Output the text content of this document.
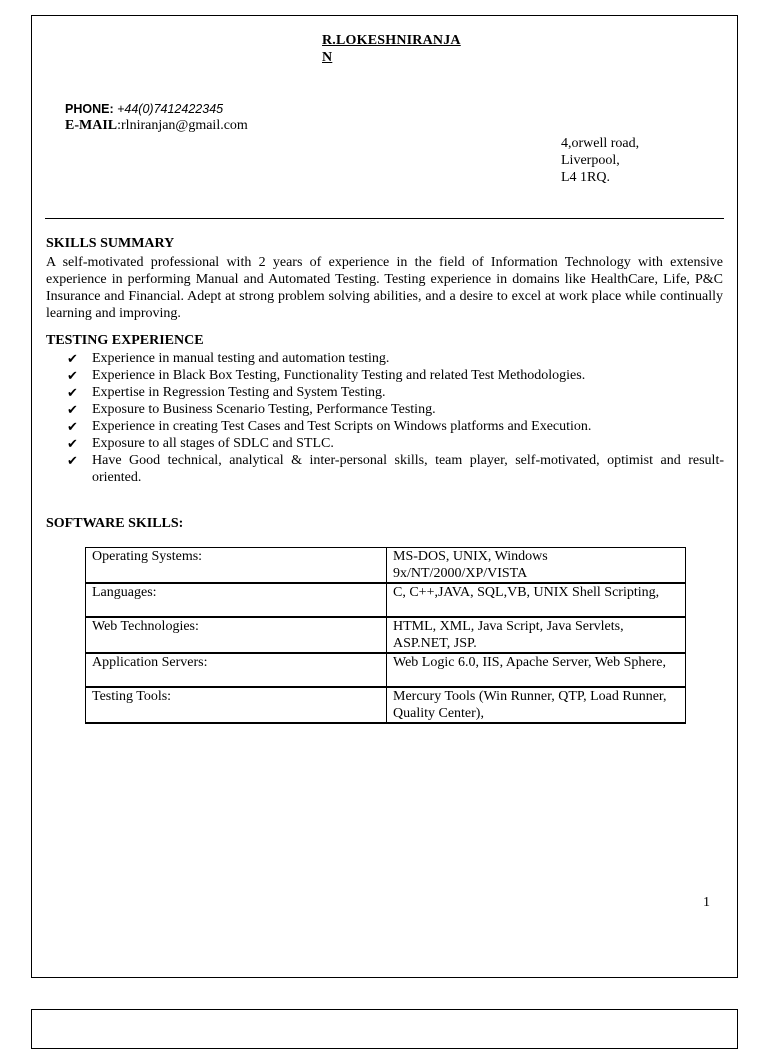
R.LOKESHNIRANJA
N
PHONE: +44(0)7412422345
E-MAIL:rlniranjan@gmail.com
4,orwell road,
Liverpool,
L4 1RQ.
SKILLS SUMMARY

A self-motivated professional with 2 years of experience in the field of Information Technology with extensive experience in performing Manual and Automated Testing. Testing experience in domains like HealthCare, Life, P&C Insurance and Financial. Adept at strong problem solving abilities, and a desire to excel at work place while continually learning and improving.

TESTING EXPERIENCE
✔ Experience in manual testing and automation testing.
✔ Experience in Black Box Testing, Functionality Testing and related Test Methodologies.
✔ Expertise in Regression Testing and System Testing.
✔ Exposure to Business Scenario Testing, Performance Testing.
✔ Experience in creating Test Cases and Test Scripts on Windows platforms and Execution.
✔ Exposure to all stages of SDLC and STLC.
✔ Have Good technical, analytical & inter-personal skills, team player, self-motivated, optimist and result-oriented.
SOFTWARE SKILLS:
Operating Systems:	MS-DOS, UNIX, Windows 9x/NT/2000/XP/VISTA
Languages:	C, C++,JAVA, SQL,VB, UNIX Shell Scripting,
Web Technologies:	HTML, XML, Java Script, Java Servlets, ASP.NET, JSP.
Application Servers:	Web Logic 6.0, IIS, Apache Server, Web Sphere,
Testing Tools:	Mercury Tools (Win Runner, QTP, Load Runner, Quality Center),
1
